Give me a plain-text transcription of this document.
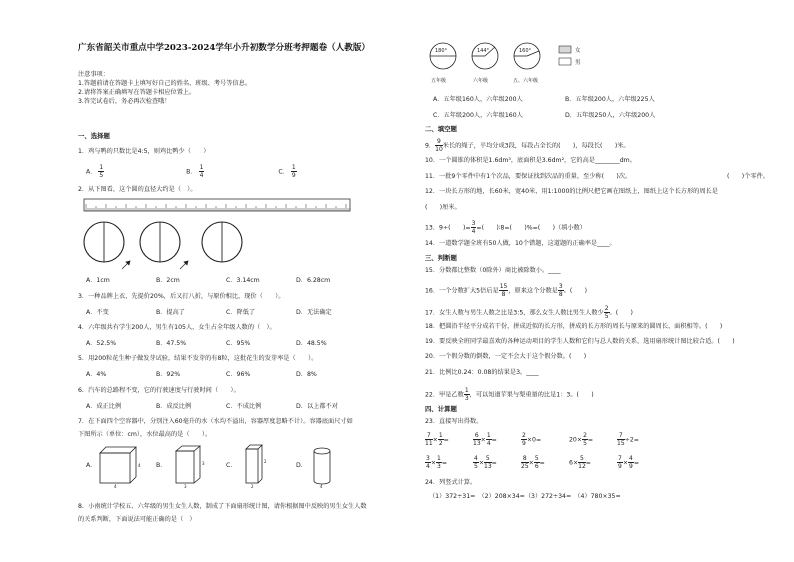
广东省韶关市重点中学2023-2024学年小升初数学分班考押题卷（人教版）
注意事项：
1.答题前请在答题卡上填写好自己的姓名、班级、考号等信息。
2.请将答案正确填写在答题卡相应位置上。
3.答完试卷后，务必再次检查哦！
一、选择题
1．鸡与鸭的只数比是4:5，则鸡比鸭少（　　）
A． $\frac{1}{5}$	B． $\frac{1}{4}$	C． $\frac{1}{9}$
2．从下图看，这个圆的直径大约是（　）。
A．1cm	B．2cm	C．3.14cm	D．6.28cm
3．一种品牌上衣，先提价20%，后又打八折，与原价相比，现价（　　）。
A．不变	B．提高了	C．降低了	D．无法确定
4．六年级共有学生200人，男生有105人，女生占全年级人数的（　）。
A．52.5%	B．47.5%	C．95%	D．48.5%
5．用200粒花生种子做发芽试验，结果不发芽的有8粒，这批花生的发芽率是（　　）。
A．4%	B．92%	C．96%	D．8%
6．汽车的总路程不变，它的行驶速度与行驶时间（　　）。
A．成正比例	B．成反比例	C．不成比例	D．以上都不对
7．在下面四个空容器中，分别注入60毫升的水（水均不溢出，容器厚度忽略不计）。容器底面尺寸如
下图所示（单位：cm），水位最高的是（　　）。
A．	B．	C．	D．
4
4
3
3
2
2
4
8．小南统计学校五、六年级的男生女生人数，制成了下面扇形统计图，请你根据图中反映的男生女生人数
的关系判断，下面说法可能正确的是（　）
180°	144°	160°
五年级	六年级	五、六年级
女
男
A．五年级160人，六年级200人	B．五年级200人，六年级225人
C．五年级200人，六年级160人	D．五年级250人，六年级200人
二、填空题
9． $\frac{9}{10}$ 米长的绳子，平均分成3段，每段占全长的(　　)，每段长(　　)米。
10．一个圆锥的体积是1.6dm³，底面积是3.6dm²，它的高是________dm。
11．一批9个零件中有1个次品，要保证找到次品的重量，至少称(　　)次。	(　　)个零件。
12．一块长方形的地，长60米，宽40米，用1:1000的比例尺把它画在图纸上，图纸上这个长方形的周长是
(　　)厘米。
13．9÷(　　)= $\frac{3}{4}$ =(　　)∶8=(　　)%=(　　)（填小数）
14．一道数学题全班有50人做，10个错题，这道题的正确率是____。
三、判断题
15．分数都比整数（0除外）商比被除数小。____
16．一个分数扩大5倍后是 $\frac{15}{8}$ ，原来这个分数是 $\frac{3}{8}$ 。(　　)
17．女生人数与男生人数之比是3:5，那么女生人数比男生人数少 $\frac{2}{5}$ 。(　　)
18．把圆沿半径平分成若干份，拼成近似的长方形，拼成的长方形的周长与原来的圆周长、面积相等。(　　)
19．要反映全班同学最喜欢的各种运动项目的学生人数和它们与总人数的关系，选用扇形统计图比较合适。(　　)
20．一个假分数的倒数，一定不会大于这个假分数。(　　)
21．比例比0.24：0.08的结果是3。____
22．甲是乙数 $\frac{1}{3}$ ，可以知道苹果与梨重量的比是1：3。(　　)
四、计算题
23．直接写出得数。
$\frac{7}{11} \times \frac{1}{2}$ =	$\frac{6}{13} \times \frac{1}{4}$ =	$\frac{2}{9} \times 0=$	$20\times \frac{2}{5}$ =	$\frac{7}{15} \div 2=$
$\frac{3}{4} \times \frac{1}{3}$ =	$\frac{4}{5} \times \frac{5}{13}$ =	$\frac{8}{25} \times \frac{5}{6}$ =	$6\times \frac{5}{12}$ =	$\frac{7}{9} \times \frac{4}{9}$ =
24．列竖式计算。
（1）372÷31=　（2）208×34=（3）272÷34=　（4）780×35=
